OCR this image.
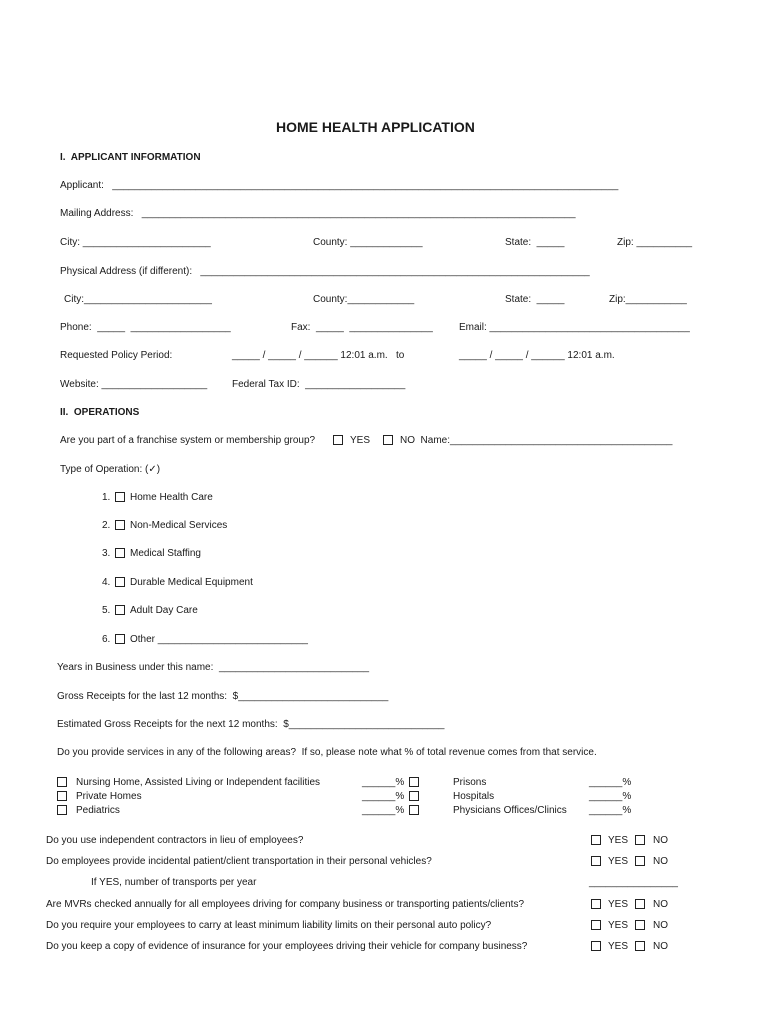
HOME HEALTH APPLICATION
I.  APPLICANT INFORMATION
Applicant:   ___________________________________________________________________________________________
Mailing Address:   ______________________________________________________________________________
City: _______________________	County: _____________	State:  _____	Zip: __________
Physical Address (if different):   ______________________________________________________________________
City:_______________________	County:____________	State:  _____	Zip:___________
Phone:  _____  __________________	Fax:  _____  _______________	Email: ____________________________________
Requested Policy Period:	_____ / _____ / ______ 12:01 a.m.   to	_____ / _____ / ______ 12:01 a.m.
Website: ___________________ Federal Tax ID:  __________________
II.  OPERATIONS
Are you part of a franchise system or membership group?	YES	NO  Name:________________________________________
Type of Operation: (✓)
1. Home Health Care
2. Non-Medical Services
3. Medical Staffing
4. Durable Medical Equipment
5. Adult Day Care
6. Other ___________________________
Years in Business under this name:  ___________________________
Gross Receipts for the last 12 months:  $___________________________
Estimated Gross Receipts for the next 12 months:  $____________________________
Do you provide services in any of the following areas?  If so, please note what % of total revenue comes from that service.
Nursing Home, Assisted Living or Independent facilities	______%	Prisons	______%
Private Homes	______%	Hospitals	______%
Pediatrics	______%	Physicians Offices/Clinics ______%
Do you use independent contractors in lieu of employees?	YES NO
Do employees provide incidental patient/client transportation in their personal vehicles?	YES NO
If YES, number of transports per year	________________
Are MVRs checked annually for all employees driving for company business or transporting patients/clients?	YES NO
Do you require your employees to carry at least minimum liability limits on their personal auto policy?	YES NO
Do you keep a copy of evidence of insurance for your employees driving their vehicle for company business?	YES NO
